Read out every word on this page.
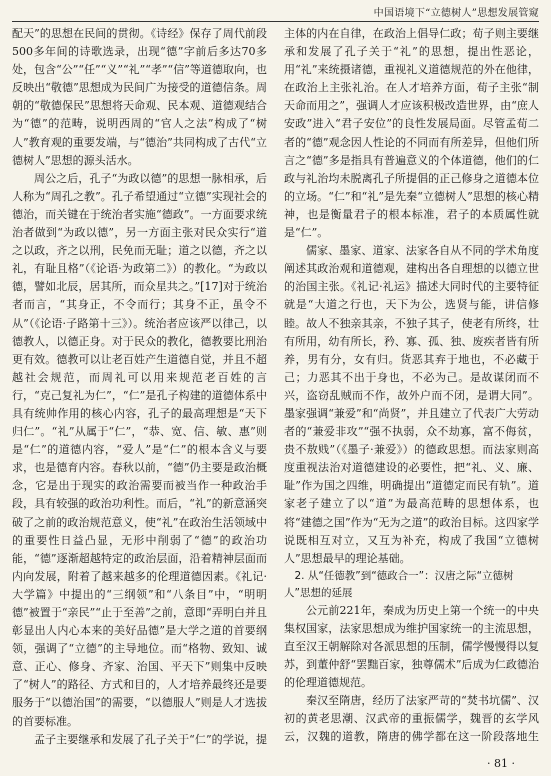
中国语境下“立德树人”思想发展管窥

配天”的思想在民间的贯彻。《诗经》保存了周代前段500多年间的诗歌选录，出现“德”字前后多达70多处，包含“公”“任”“义”“礼”“孝”“信”等道德取向，也反映出“敬德”思想成为民间广为接受的道德信条。周朝的“敬德保民”思想将天命观、民本观、道德观结合为“德”的范畴，说明西周的“官人之法”构成了“树人”教育观的重要发端，与“德治”共同构成了古代“立德树人”思想的源头活水。

周公之后，孔子“为政以德”的思想一脉相承，后人称为“周孔之教”。孔子希望通过“立德”实现社会的德治，而关键在于统治者实施“德政”。一方面要求统治者做到“为政以德”，另一方面主张对民众实行“道之以政，齐之以刑，民免而无耻；道之以德，齐之以礼，有耻且格”（《论语·为政第二》）的教化。“为政以德，譬如北辰，居其所，而众星共之。”[17]对于统治者而言，“其身正，不令而行；其身不正，虽令不从”（《论语·子路第十三》）。统治者应该严以律己，以德教人，以德正身。对于民众的教化，德教要比刑治更有效。德教可以让老百姓产生道德自觉，并且不超越社会规范，而周礼可以用来规范老百姓的言行，“克己复礼为仁”，“仁”是孔子构建的道德体系中具有统帅作用的核心内容，孔子的最高理想是“天下归仁”。“礼”从属于“仁”，“恭、宽、信、敏、惠”则是“仁”的道德内容，“爱人”是“仁”的根本含义与要求，也是德育内容。春秋以前，“德”仍主要是政治概念，它是出于现实的政治需要而被当作一种政治手段，具有较强的政治功利性。而后，“礼”的新意涵突破了之前的政治规范意义，使“礼”在政治生活领域中的重要性日益凸显，无形中削弱了“德”的政治功能，“德”逐渐超越特定的政治层面，沿着精神层面而内向发展，附着了越来越多的伦理道德因素。《礼记·大学篇》中提出的“三纲领”和“八条目”中，“明明德”被置于“亲民”“止于至善”之前，意即“弄明白并且彰显出人内心本来的美好品德”是大学之道的首要纲领，强调了“立德”的主导地位。而“格物、致知、诚意、正心、修身、齐家、治国、平天下”则集中反映了“树人”的路径、方式和目的，人才培养最终还是要服务于“以德治国”的需要，“以德服人”则是人才选拔的首要标准。

孟子主要继承和发展了孔子关于“仁”的学说，提

主体的内在自律，在政治上倡导仁政；荀子则主要继承和发展了孔子关于“礼”的思想，提出性恶论，用“礼”来统摄诸德，重视礼义道德规范的外在他律，在政治上主张礼治。在人才培养方面，荀子主张“制天命而用之”，强调人才应该积极改造世界，由“庶人安政”进入“君子安位”的良性发展局面。尽管孟荀二者的“德”观念因人性论的不同而有所差异，但他们所言之“德”多是指具有普遍意义的个体道德，他们的仁政与礼治均未脱离孔子所提倡的正己修身之道德本位的立场。“仁”和“礼”是先秦“立德树人”思想的核心精神，也是衡量君子的根本标准，君子的本质属性就是“仁”。

儒家、墨家、道家、法家各自从不同的学术角度阐述其政治观和道德观，建构出各自理想的以德立世的治国主张。《礼记·礼运》描述大同时代的主要特征就是“大道之行也，天下为公，选贤与能，讲信修睦。故人不独亲其亲，不独子其子，使老有所终，壮有所用，幼有所长，矜、寡、孤、独、废疾者皆有所养，男有分，女有归。货恶其弃于地也，不必藏于己；力恶其不出于身也，不必为己。是故谋闭而不兴，盗窃乱贼而不作，故外户而不闭，是谓大同”。墨家强调“兼爱”和“尚贤”，并且建立了代表广大劳动者的“兼爱非攻”“强不执弱，众不劫寡，富不侮贫，贵不敖贱”（《墨子·兼爱》）的德政思想。而法家则高度重视法治对道德建设的必要性，把“礼、义、廉、耻”作为国之四维，明确提出“道德定而民有轨”。道家老子建立了以“道”为最高范畴的思想体系，也将“建德之国”作为“无为之道”的政治目标。这四家学说既相互对立，又互为补充，构成了我国“立德树人”思想最早的理论基础。

2. 从“任德教”到“德政合一”：汉唐之际“立德树人”思想的延展

公元前221年，秦成为历史上第一个统一的中央集权国家，法家思想成为维护国家统一的主流思想，直至汉王朝解除对各派思想的压制，儒学慢慢得以复苏，到董仲舒“罢黜百家，独尊儒术”后成为仁政德治的伦理道德规范。

秦汉至隋唐，经历了法家严苛的“焚书坑儒”、汉初的黄老思潮、汉武帝的重振儒学，魏晋的玄学风云，汉魏的道教，隋唐的佛学都在这一阶段落地生

· 81 ·
